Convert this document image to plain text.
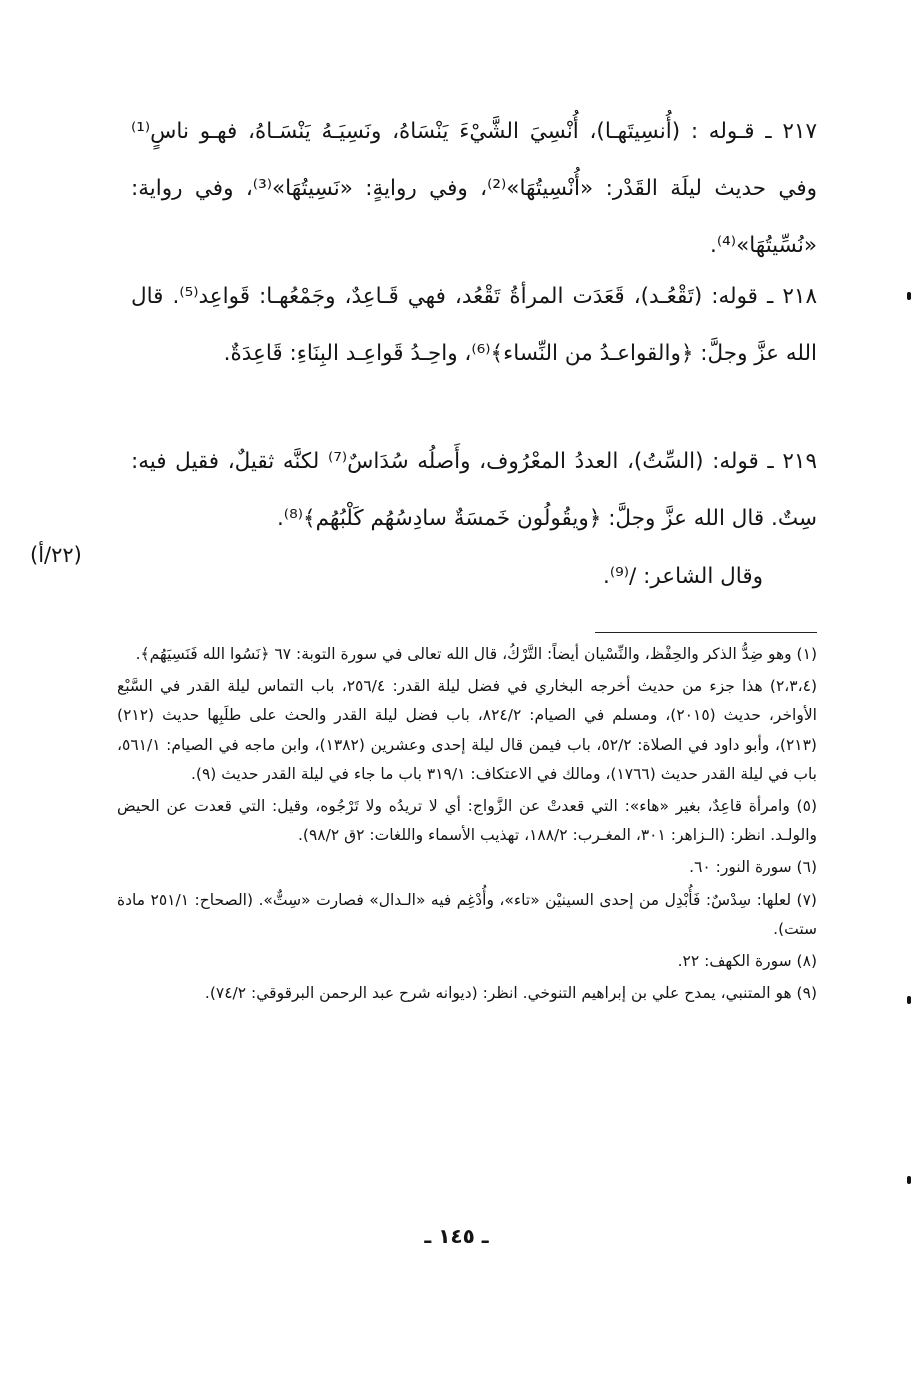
٢١٧ ـ قـوله : (أُنسِيتَهـا)، أُنْسِيَ الشَّيْءَ يَنْسَاهُ، ونَسِيَـهُ يَنْسَـاهُ، فهـو ناسٍ⁽¹⁾ وفي حديث ليلَة القَدْر: «أُنْسِيتُهَا»⁽²⁾، وفي روايةٍ: «نَسِيتُهَا»⁽³⁾، وفي رواية: «نُسِّيتُهَا»⁽⁴⁾.

٢١٨ ـ قوله: (تَقْعُـد)، قَعَدَت المرأةُ تَقْعُد، فهي قَـاعِدٌ، وجَمْعُهـا: قَواعِد⁽⁵⁾. قال الله عزَّ وجلَّ: ﴿والقواعـدُ من النِّساء﴾⁽⁶⁾، واحِـدُ قَواعِـد البِنَاءِ: قَاعِدَةٌ.

٢١٩ ـ قوله: (السِّتُ)، العددُ المعْرُوف، وأَصلُه سُدَاسٌ⁽⁷⁾ لكنَّه ثقيلٌ، فقيل فيه: سِتٌ. قال الله عزَّ وجلَّ: ﴿ويقُولُون خَمسَةٌ سادِسُهُم كَلْبُهُم﴾⁽⁸⁾.

وقال الشاعر: /⁽⁹⁾.

(٢٢/أ)

(١) وهو ضِدُّ الذكر والحِفْظ، والنِّسْيان أيضاً: التَّرْكُ، قال الله تعالى في سورة التوبة: ٦٧ ﴿نَسُوا الله فَنَسِيَهُم﴾.

(٢،٣،٤) هذا جزء من حديث أخرجه البخاري في فضل ليلة القدر: ٢٥٦/٤، باب التماس ليلة القدر في السَّبْع الأواخر، حديث (٢٠١٥)، ومسلم في الصيام: ٨٢٤/٢، باب فضل ليلة القدر والحث على طلَبِها حديث (٢١٢) (٢١٣)، وأبو داود في الصلاة: ٥٢/٢، باب فيمن قال ليلة إحدى وعشرين (١٣٨٢)، وابن ماجه في الصيام: ٥٦١/١، باب في ليلة القدر حديث (١٧٦٦)، ومالك في الاعتكاف: ٣١٩/١ باب ما جاء في ليلة القدر حديث (٩).

(٥) وامرأة قاعِدٌ، بغير «هاء»: التي قعدتْ عن الزَّواج: أي لا تريدُه ولا تَرْجُوه، وقيل: التي قعدت عن الحيض والولـد. انظر: (الـزاهر: ٣٠١، المغـرب: ١٨٨/٢، تهذيب الأسماء واللغات: ٢ق ٩٨/٢).

(٦) سورة النور: ٦٠.

(٧) لعلها: سِدْسٌ: فَأُبْدِل من إحدى السينيْن «تاء»، وأُدْغِم فيه «الـدال» فصارت «سِتٌّ». (الصحاح: ٢٥١/١ مادة ستت).

(٨) سورة الكهف: ٢٢.

(٩) هو المتنبي، يمدح علي بن إبراهيم التنوخي. انظر: (ديوانه شرح عبد الرحمن البرقوقي: ٧٤/٢).

ـ ١٤٥ ـ
